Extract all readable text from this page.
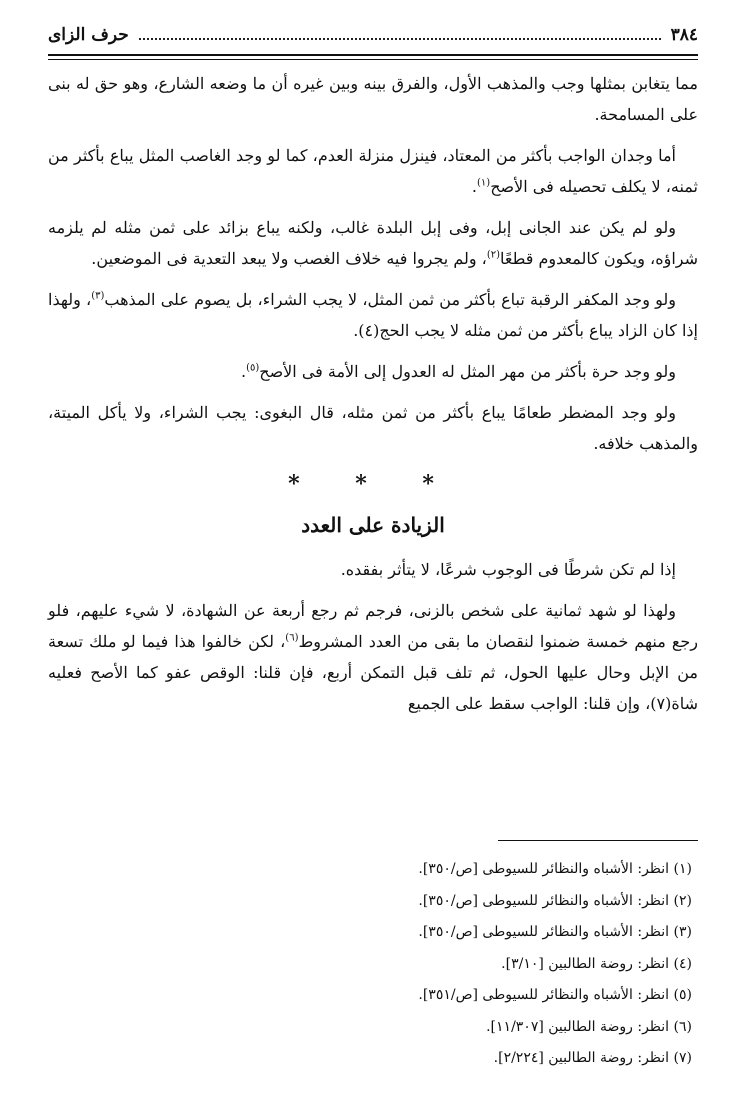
٣٨٤
حرف الزاى

مما يتغابن بمثلها وجب والمذهب الأول، والفرق بينه وبين غيره أن ما وضعه الشارع، وهو حق له بنى على المسامحة.

أما وجدان الواجب بأكثر من المعتاد، فينزل منزلة العدم، كما لو وجد الغاصب المثل يباع بأكثر من ثمنه، لا يكلف تحصيله فى الأصح$^{(١)}$.

ولو لم يكن عند الجانى إبل، وفى إبل البلدة غالب، ولكنه يباع بزائد على ثمن مثله لم يلزمه شراؤه، ويكون كالمعدوم قطعًا$^{(٢)}$، ولم يجروا فيه خلاف الغصب ولا يبعد التعدية فى الموضعين.

ولو وجد المكفر الرقبة تباع بأكثر من ثمن المثل، لا يجب الشراء، بل يصوم على المذهب$^{(٣)}$، ولهذا إذا كان الزاد يباع بأكثر من ثمن مثله لا يجب الحج(٤).

ولو وجد حرة بأكثر من مهر المثل له العدول إلى الأمة فى الأصح$^{(٥)}$.

ولو وجد المضطر طعامًا يباع بأكثر من ثمن مثله، قال البغوى: يجب الشراء، ولا يأكل الميتة، والمذهب خلافه.

* * *
الزيادة على العدد

إذا لم تكن شرطًا فى الوجوب شرعًا، لا يتأثر بفقده.

ولهذا لو شهد ثمانية على شخص بالزنى، فرجم ثم رجع أربعة عن الشهادة، لا شيء عليهم، فلو رجع منهم خمسة ضمنوا لنقصان ما بقى من العدد المشروط$^{(٦)}$، لكن خالفوا هذا فيما لو ملك تسعة من الإبل وحال عليها الحول، ثم تلف قبل التمكن أربع، فإن قلنا: الوقص عفو كما الأصح فعليه شاة(٧)، وإن قلنا: الواجب سقط على الجميع

(١) انظر: الأشباه والنظائر للسيوطى [ص/٣٥٠].

(٢) انظر: الأشباه والنظائر للسيوطى [ص/٣٥٠].

(٣) انظر: الأشباه والنظائر للسيوطى [ص/٣٥٠].

(٤) انظر: روضة الطالبين [٣/١٠].

(٥) انظر: الأشباه والنظائر للسيوطى [ص/٣٥١].

(٦) انظر: روضة الطالبين [١١/٣٠٧].

(٧) انظر: روضة الطالبين [٢/٢٢٤].
